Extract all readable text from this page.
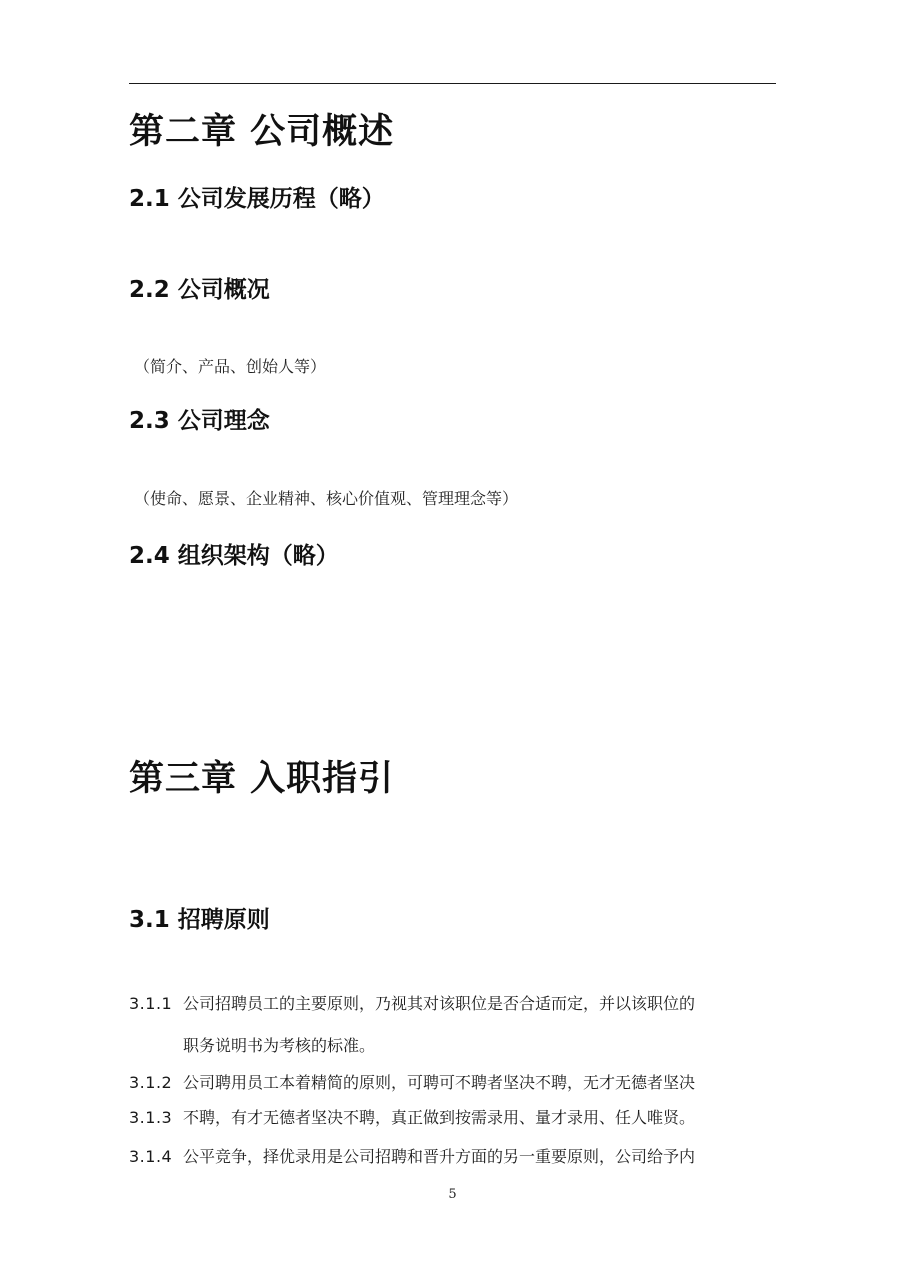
第二章 公司概述
2.1 公司发展历程（略）
2.2 公司概况

（简介、产品、创始人等）

2.3 公司理念

（使命、愿景、企业精神、核心价值观、管理理念等）

2.4 组织架构（略）
第三章 入职指引
3.1 招聘原则
3.1.1 公司招聘员工的主要原则，乃视其对该职位是否合适而定，并以该职位的
职务说明书为考核的标准。
3.1.2 公司聘用员工本着精简的原则，可聘可不聘者坚决不聘，无才无德者坚决
3.1.3 不聘，有才无德者坚决不聘，真正做到按需录用、量才录用、任人唯贤。
3.1.4 公平竞争，择优录用是公司招聘和晋升方面的另一重要原则，公司给予内
5
